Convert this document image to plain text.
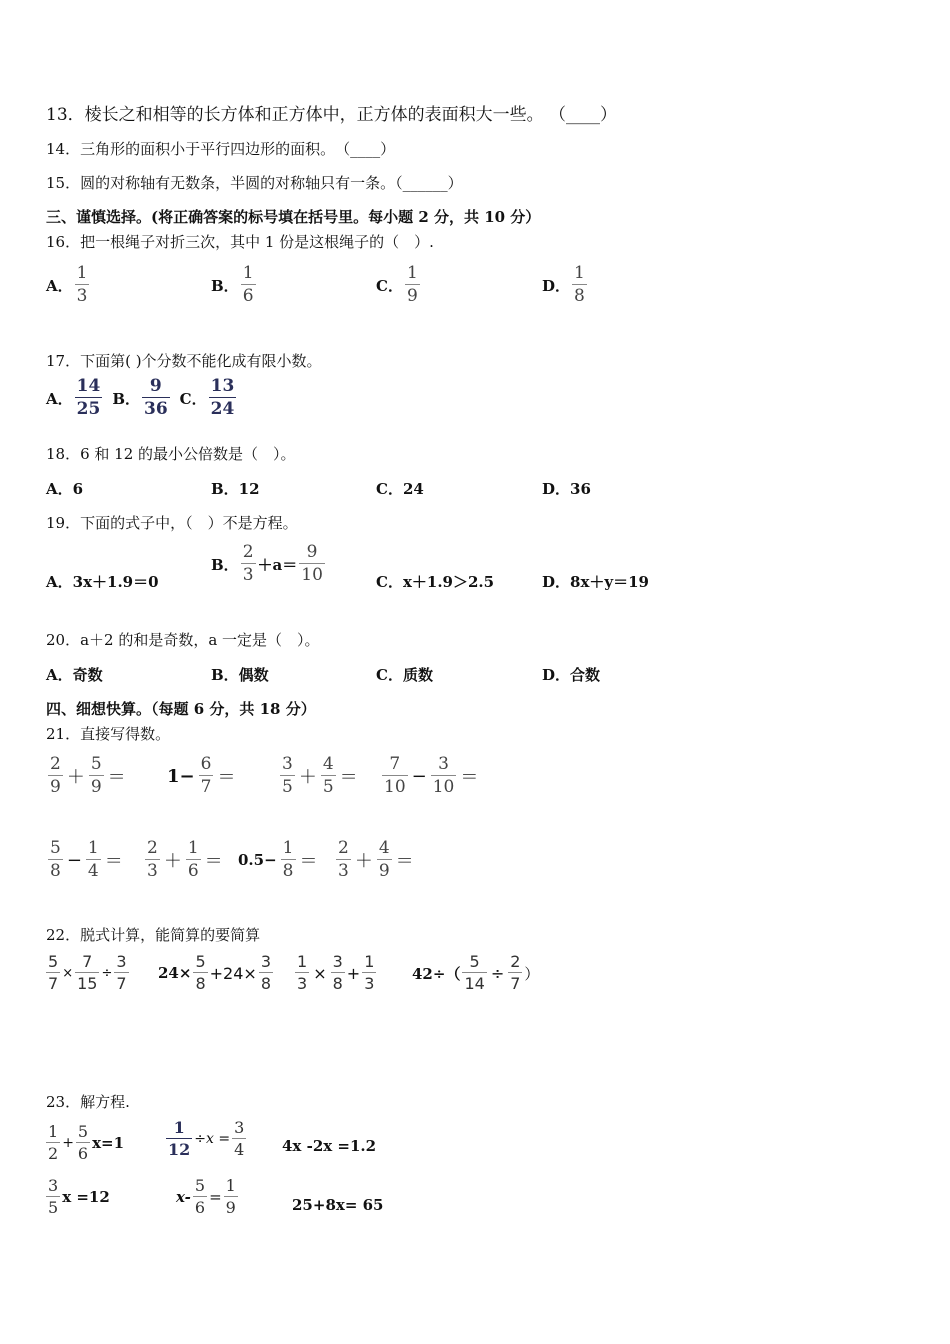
13．棱长之和相等的长方体和正方体中，正方体的表面积大一些。 （____）
14．三角形的面积小于平行四边形的面积。　（____）
15．圆的对称轴有无数条，半圆的对称轴只有一条。（______）
三、谨慎选择。(将正确答案的标号填在括号里。每小题 2 分，共 10 分）
16．把一根绳子对折三次，其中 1 份是这根绳子的（　）.
A． $\frac{1}{3}$	B． $\frac{1}{6}$	C． $\frac{1}{9}$	D． $\frac{1}{8}$
17．下面第( )个分数不能化成有限小数。
A． $\frac{14}{25}$ B． $\frac{9}{36}$ C． $\frac{13}{24}$
18．6 和 12 的最小公倍数是（　）。
A．6	B．12	C．24	D．36
19．下面的式子中，（　）不是方程。
A．3x＋1.9＝0
B． $\frac{2}{3} +a= \frac{9}{10}$	C．x＋1.9＞2.5	D．8x＋y＝19
20．a＋2 的和是奇数，a 一定是（　）。
A．奇数	B．偶数	C．质数	D．合数
四、细想快算。（每题 6 分，共 18 分）
21．直接写得数。
$\frac{2}{9} + \frac{5}{9} = 1- \frac{6}{7}$ ＝	$\frac{3}{5} + \frac{4}{5} = \frac{7}{10} - \frac{3}{10}$ ＝
$\frac{5}{8} - \frac{1}{4} = \frac{2}{3} + \frac{1}{6} = 0.5- \frac{1}{8} = \frac{2}{3} + \frac{4}{9}$ ＝
22．脱式计算，能简算的要简算
$\frac{5}{7} \times \frac{7}{15} \div \frac{3}{7} 24\times \frac{5}{8} +24\times \frac{3}{8} \frac{1}{3} \times \frac{3}{8} + \frac{1}{3} 42\div( \frac{5}{14} \div \frac{2}{7}$ ）
23．解方程.
$\frac{1}{2} + \frac{5}{6} x=1$	$\frac{1}{12} \div x = \frac{3}{4} 4x$ -2x =1.2
$\frac{3}{5}$ x =12	$x- \frac{5}{6} = \frac{1}{9}$	25+8x= 65
